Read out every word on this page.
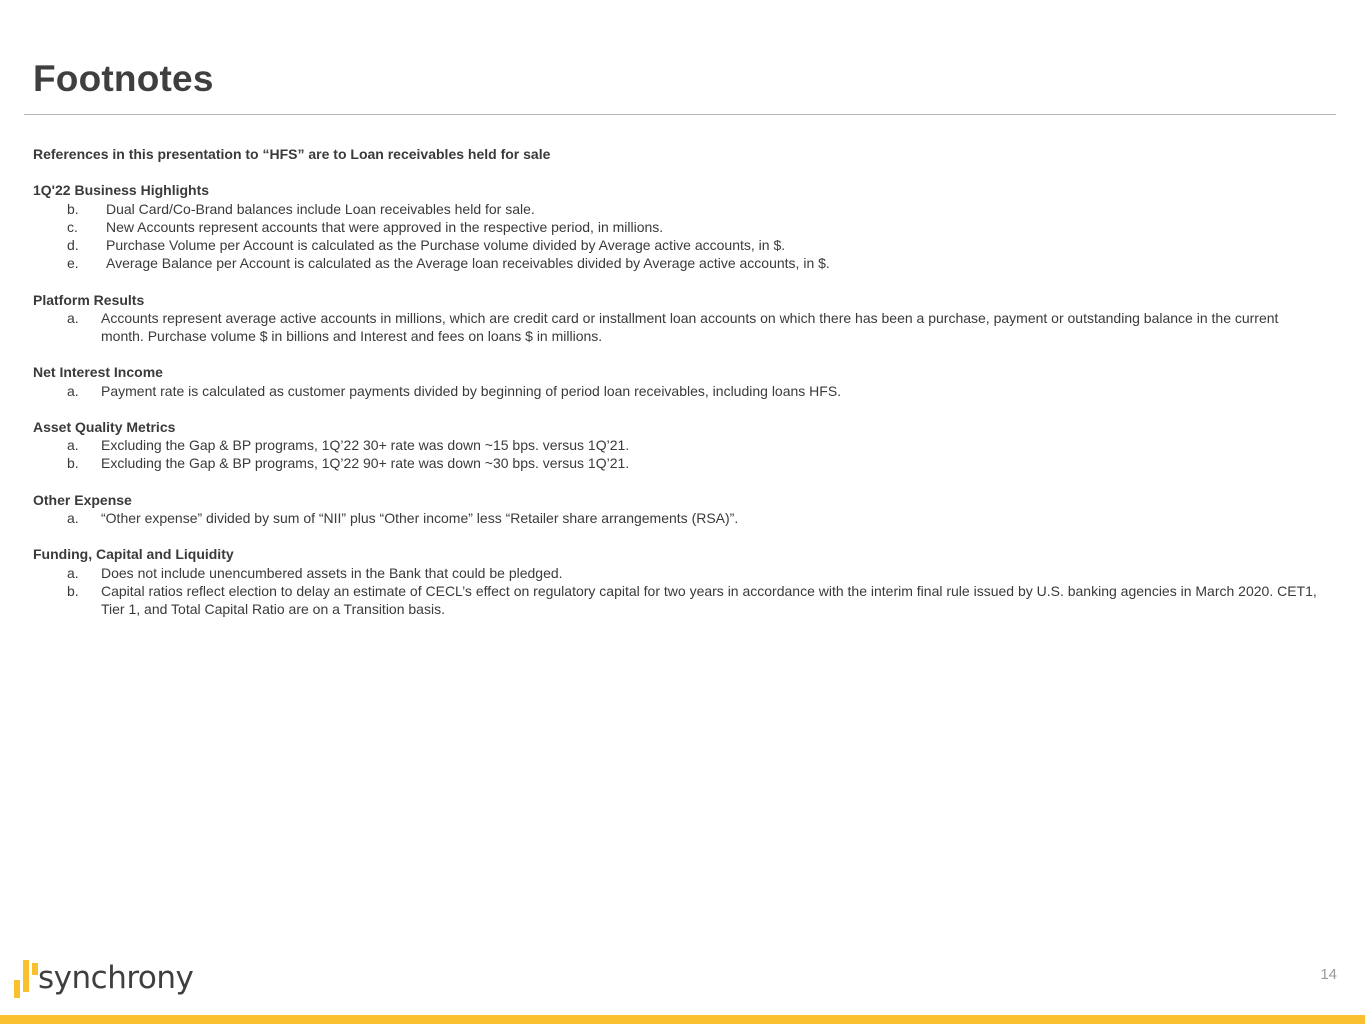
Footnotes

References in this presentation to “HFS” are to Loan receivables held for sale

1Q'22 Business Highlights

b.	Dual Card/Co-Brand balances include Loan receivables held for sale.
c.	New Accounts represent accounts that were approved in the respective period, in millions.
d.	Purchase Volume per Account is calculated as the Purchase volume divided by Average active accounts, in $.
e.	Average Balance per Account is calculated as the Average loan receivables divided by Average active accounts, in $.

Platform Results

a.	Accounts represent average active accounts in millions, which are credit card or installment loan accounts on which there has been a purchase, payment or outstanding balance in the current month. Purchase volume $ in billions and Interest and fees on loans $ in millions.

Net Interest Income

a.	Payment rate is calculated as customer payments divided by beginning of period loan receivables, including loans HFS.

Asset Quality Metrics

a.	Excluding the Gap & BP programs, 1Q’22 30+ rate was down ~15 bps. versus 1Q’21.
b.	Excluding the Gap & BP programs, 1Q’22 90+ rate was down ~30 bps. versus 1Q’21.

Other Expense

a.	“Other expense” divided by sum of “NII” plus “Other income” less “Retailer share arrangements (RSA)”.

Funding, Capital and Liquidity

a.	Does not include unencumbered assets in the Bank that could be pledged.
b.	Capital ratios reflect election to delay an estimate of CECL’s effect on regulatory capital for two years in accordance with the interim final rule issued by U.S. banking agencies in March 2020. CET1, Tier 1, and Total Capital Ratio are on a Transition basis.
synchrony	14
